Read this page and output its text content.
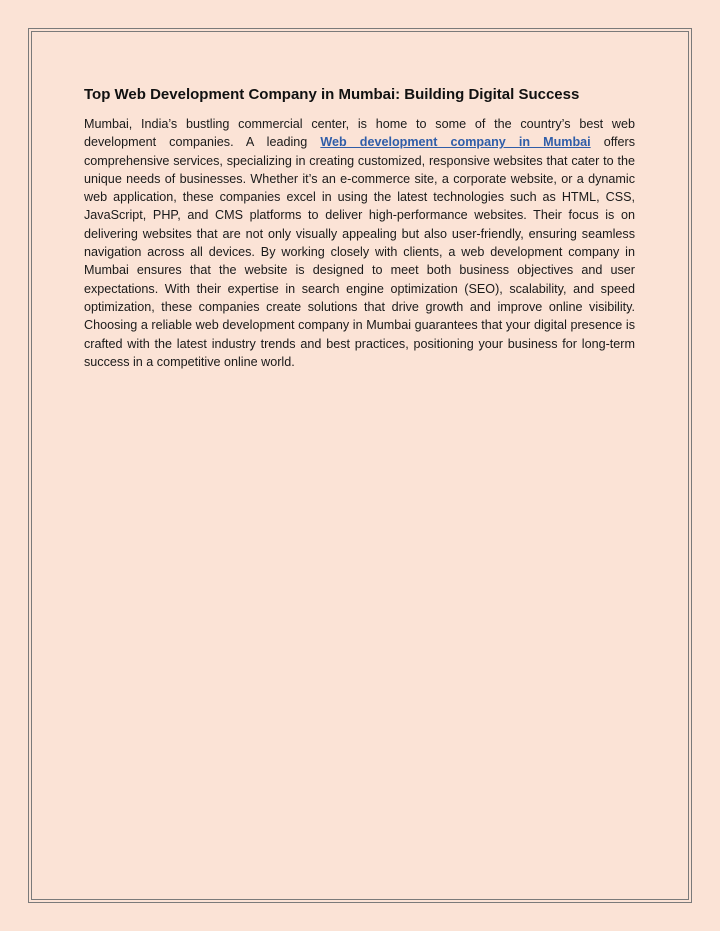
Top Web Development Company in Mumbai: Building Digital Success

Mumbai, India’s bustling commercial center, is home to some of the country’s best web development companies. A leading Web development company in Mumbai offers comprehensive services, specializing in creating customized, responsive websites that cater to the unique needs of businesses. Whether it’s an e-commerce site, a corporate website, or a dynamic web application, these companies excel in using the latest technologies such as HTML, CSS, JavaScript, PHP, and CMS platforms to deliver high-performance websites. Their focus is on delivering websites that are not only visually appealing but also user-friendly, ensuring seamless navigation across all devices. By working closely with clients, a web development company in Mumbai ensures that the website is designed to meet both business objectives and user expectations. With their expertise in search engine optimization (SEO), scalability, and speed optimization, these companies create solutions that drive growth and improve online visibility. Choosing a reliable web development company in Mumbai guarantees that your digital presence is crafted with the latest industry trends and best practices, positioning your business for long-term success in a competitive online world.
